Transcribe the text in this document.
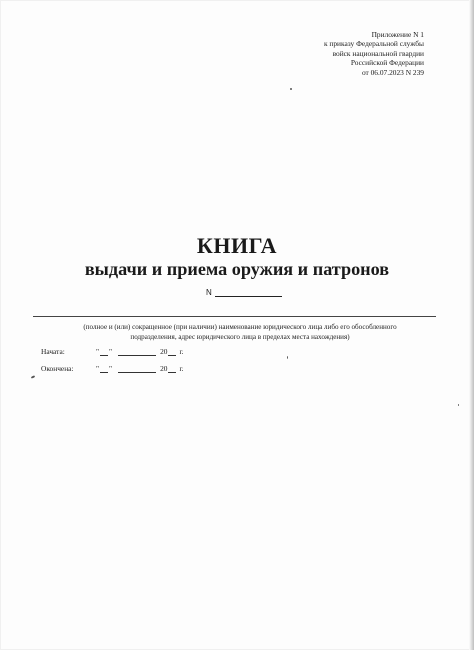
Приложение N 1
к приказу Федеральной службы
войск национальной гвардии
Российской Федерации
от 06.07.2023 N 239
КНИГА
выдачи и приема оружия и патронов
N
(полное и (или) сокращенное (при наличии) наименование юридического лица либо его обособленного
подразделения, адрес юридического лица в пределах места нахождения)
Начата:	" "	20 г.
Окончена:	" "	20 г.
